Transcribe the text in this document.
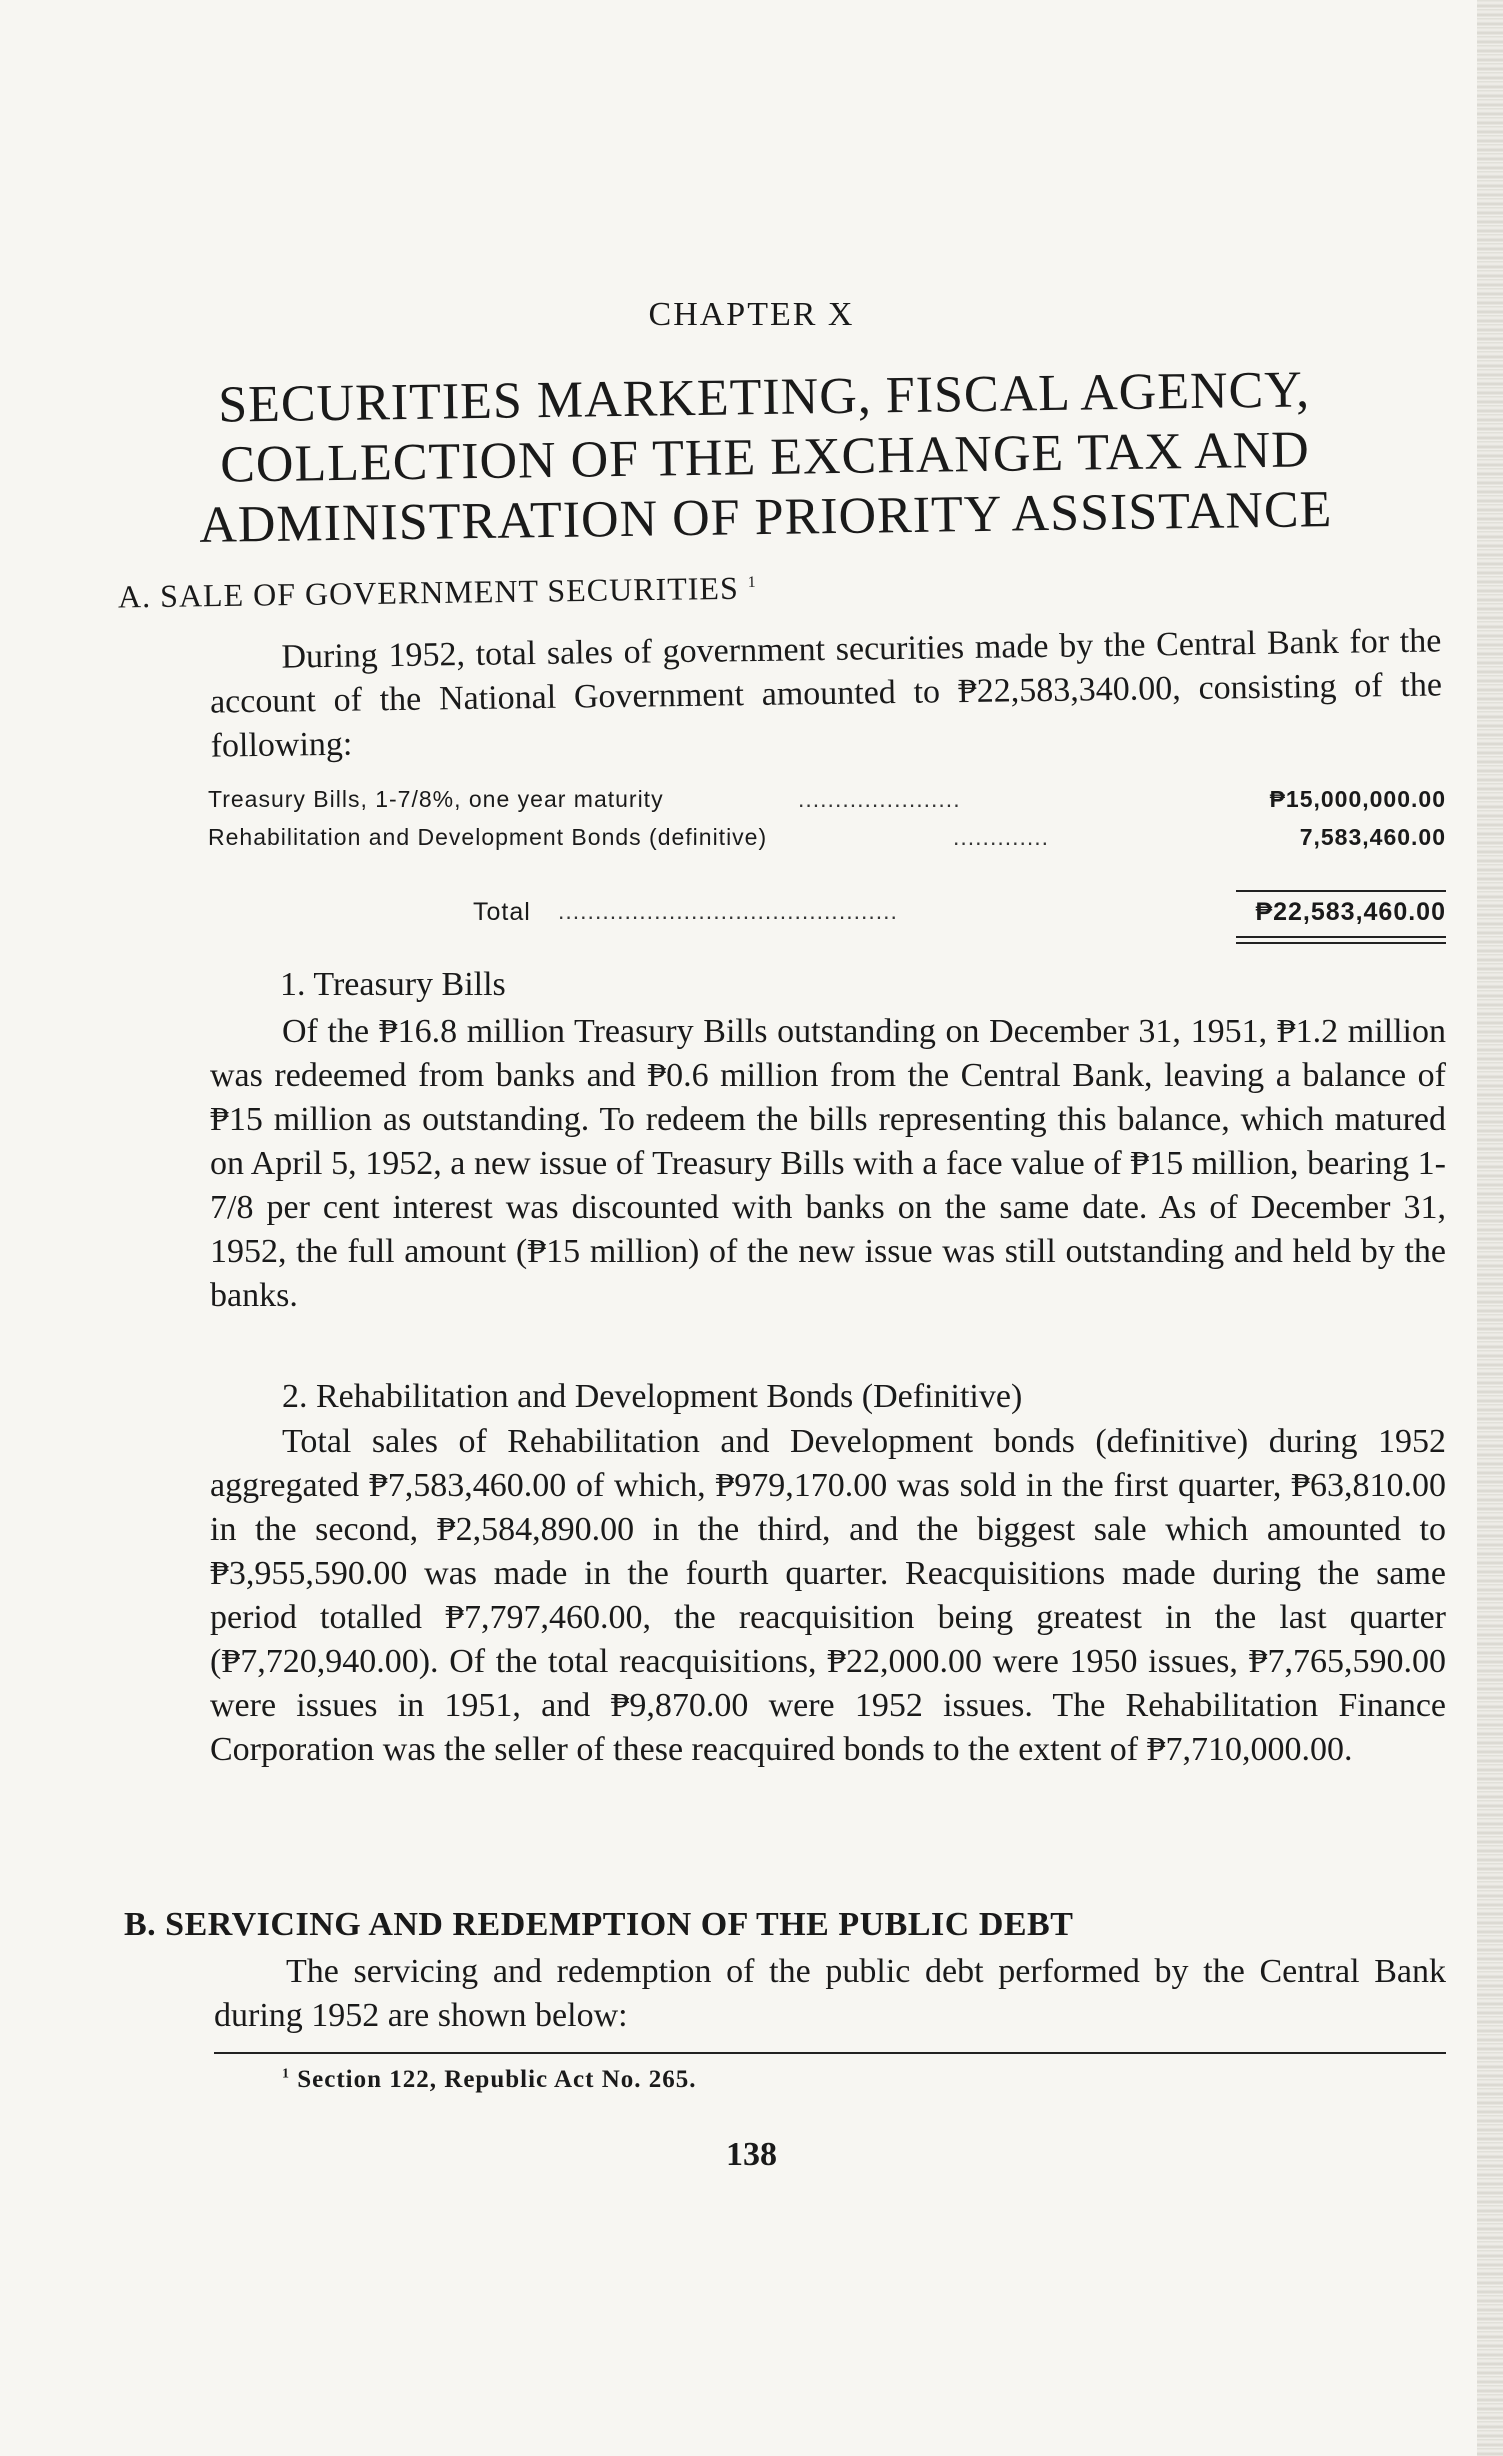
CHAPTER X
SECURITIES MARKETING, FISCAL AGENCY,
COLLECTION OF THE EXCHANGE TAX AND
ADMINISTRATION OF PRIORITY ASSISTANCE
A. SALE OF GOVERNMENT SECURITIES $^1$
During 1952, total sales of government securities made by the Central Bank for the account of the National Government amounted to ₱22,583,340.00, consisting of the following:
Treasury Bills, 1-7/8%, one year maturity	......................	₱15,000,000.00
Rehabilitation and Development Bonds (definitive)	.............	7,583,460.00
Total ..............................................	₱22,583,460.00
1. Treasury Bills
Of the ₱16.8 million Treasury Bills outstanding on December 31, 1951, ₱1.2 million was redeemed from banks and ₱0.6 million from the Central Bank, leaving a balance of ₱15 million as outstanding. To redeem the bills representing this balance, which matured on April 5, 1952, a new issue of Treasury Bills with a face value of ₱15 million, bearing 1-7/8 per cent interest was discounted with banks on the same date. As of December 31, 1952, the full amount (₱15 million) of the new issue was still outstanding and held by the banks.
2. Rehabilitation and Development Bonds (Definitive)
Total sales of Rehabilitation and Development bonds (definitive) during 1952 aggregated ₱7,583,460.00 of which, ₱979,170.00 was sold in the first quarter, ₱63,810.00 in the second, ₱2,584,890.00 in the third, and the biggest sale which amounted to ₱3,955,590.00 was made in the fourth quarter. Reacquisitions made during the same period totalled ₱7,797,460.00, the reacquisition being greatest in the last quarter (₱7,720,940.00). Of the total reacquisitions, ₱22,000.00 were 1950 issues, ₱7,765,590.00 were issues in 1951, and ₱9,870.00 were 1952 issues. The Rehabilitation Finance Corporation was the seller of these reacquired bonds to the extent of ₱7,710,000.00.
B. SERVICING AND REDEMPTION OF THE PUBLIC DEBT
The servicing and redemption of the public debt performed by the Central Bank during 1952 are shown below:
$^1$ Section 122, Republic Act No. 265.
138
